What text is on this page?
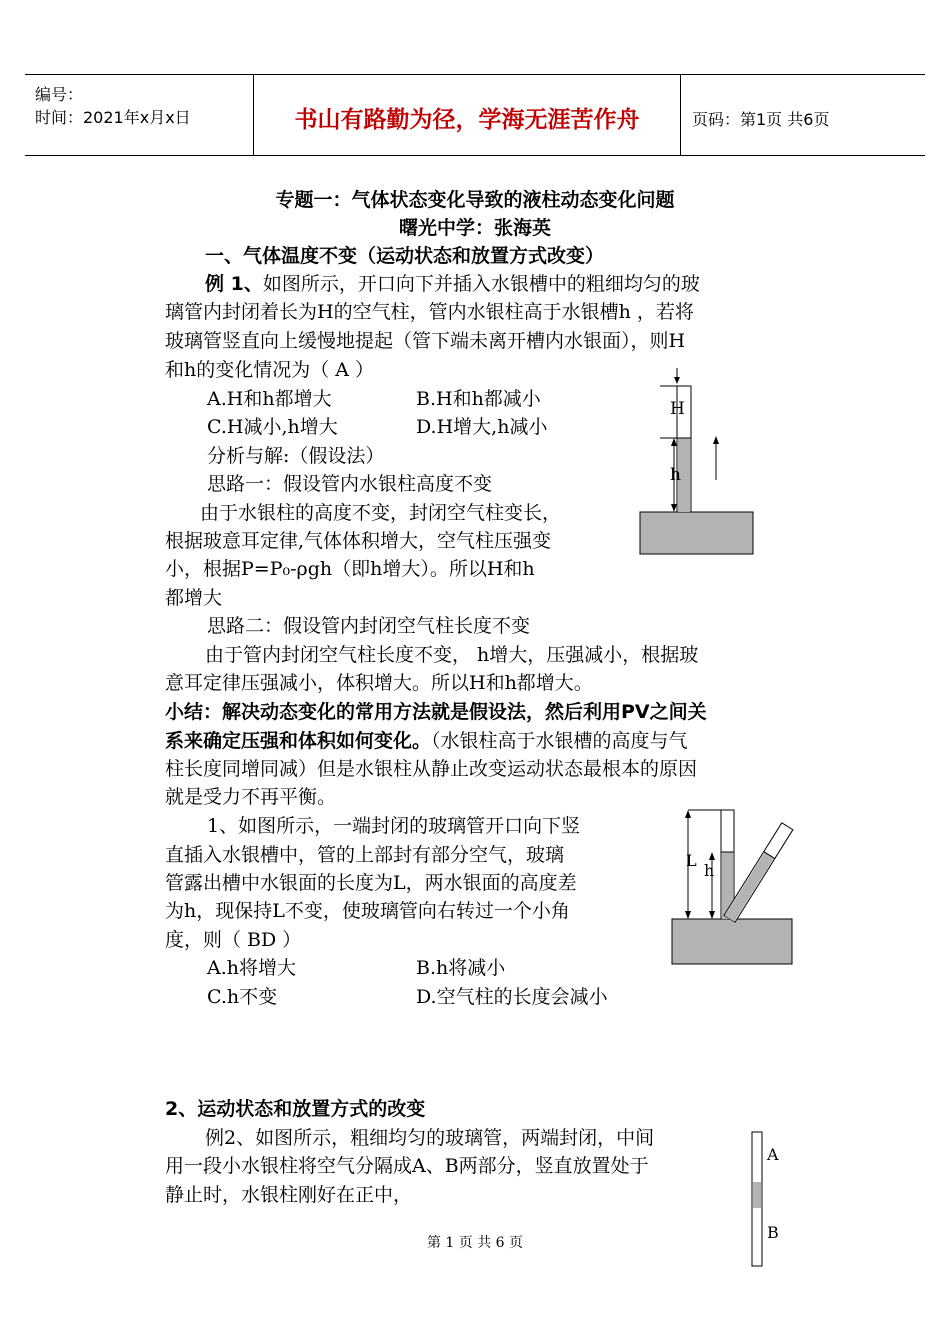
编号：
时间：2021年x月x日	书山有路勤为径，学海无涯苦作舟	页码：第1页 共6页
专题一：气体状态变化导致的液柱动态变化问题
曙光中学：张海英
一、气体温度不变（运动状态和放置方式改变）
例 1、如图所示，开口向下并插入水银槽中的粗细均匀的玻
璃管内封闭着长为H的空气柱，管内水银柱高于水银槽h ，若将
玻璃管竖直向上缓慢地提起（管下端未离开槽内水银面），则H
和h的变化情况为（ A ）
A.H和h都增大	B.H和h都减小
C.H减小,h增大	D.H增大,h减小
分析与解:（假设法）
思路一：假设管内水银柱高度不变
由于水银柱的高度不变，封闭空气柱变长，
根据玻意耳定律,气体体积增大，空气柱压强变
小，根据P=P₀-ρgh（即h增大）。所以H和h
都增大
思路二：假设管内封闭空气柱长度不变
由于管内封闭空气柱长度不变， h增大，压强减小，根据玻
意耳定律压强减小，体积增大。所以H和h都增大。
H
h
小结：解决动态变化的常用方法就是假设法，然后利用PV之间关
系来确定压强和体积如何变化。（水银柱高于水银槽的高度与气
柱长度同增同减）但是水银柱从静止改变运动状态最根本的原因
就是受力不再平衡。
1、如图所示，一端封闭的玻璃管开口向下竖
直插入水银槽中，管的上部封有部分空气，玻璃
管露出槽中水银面的长度为L，两水银面的高度差
为h，现保持L不变，使玻璃管向右转过一个小角
度，则（ BD ）
A.h将增大	B.h将减小
C.h不变	D.空气柱的长度会减小
L
h
2、运动状态和放置方式的改变
例2、如图所示，粗细均匀的玻璃管，两端封闭，中间
用一段小水银柱将空气分隔成A、B两部分，竖直放置处于
静止时，水银柱刚好在正中，
A
B
第 1 页 共 6 页
